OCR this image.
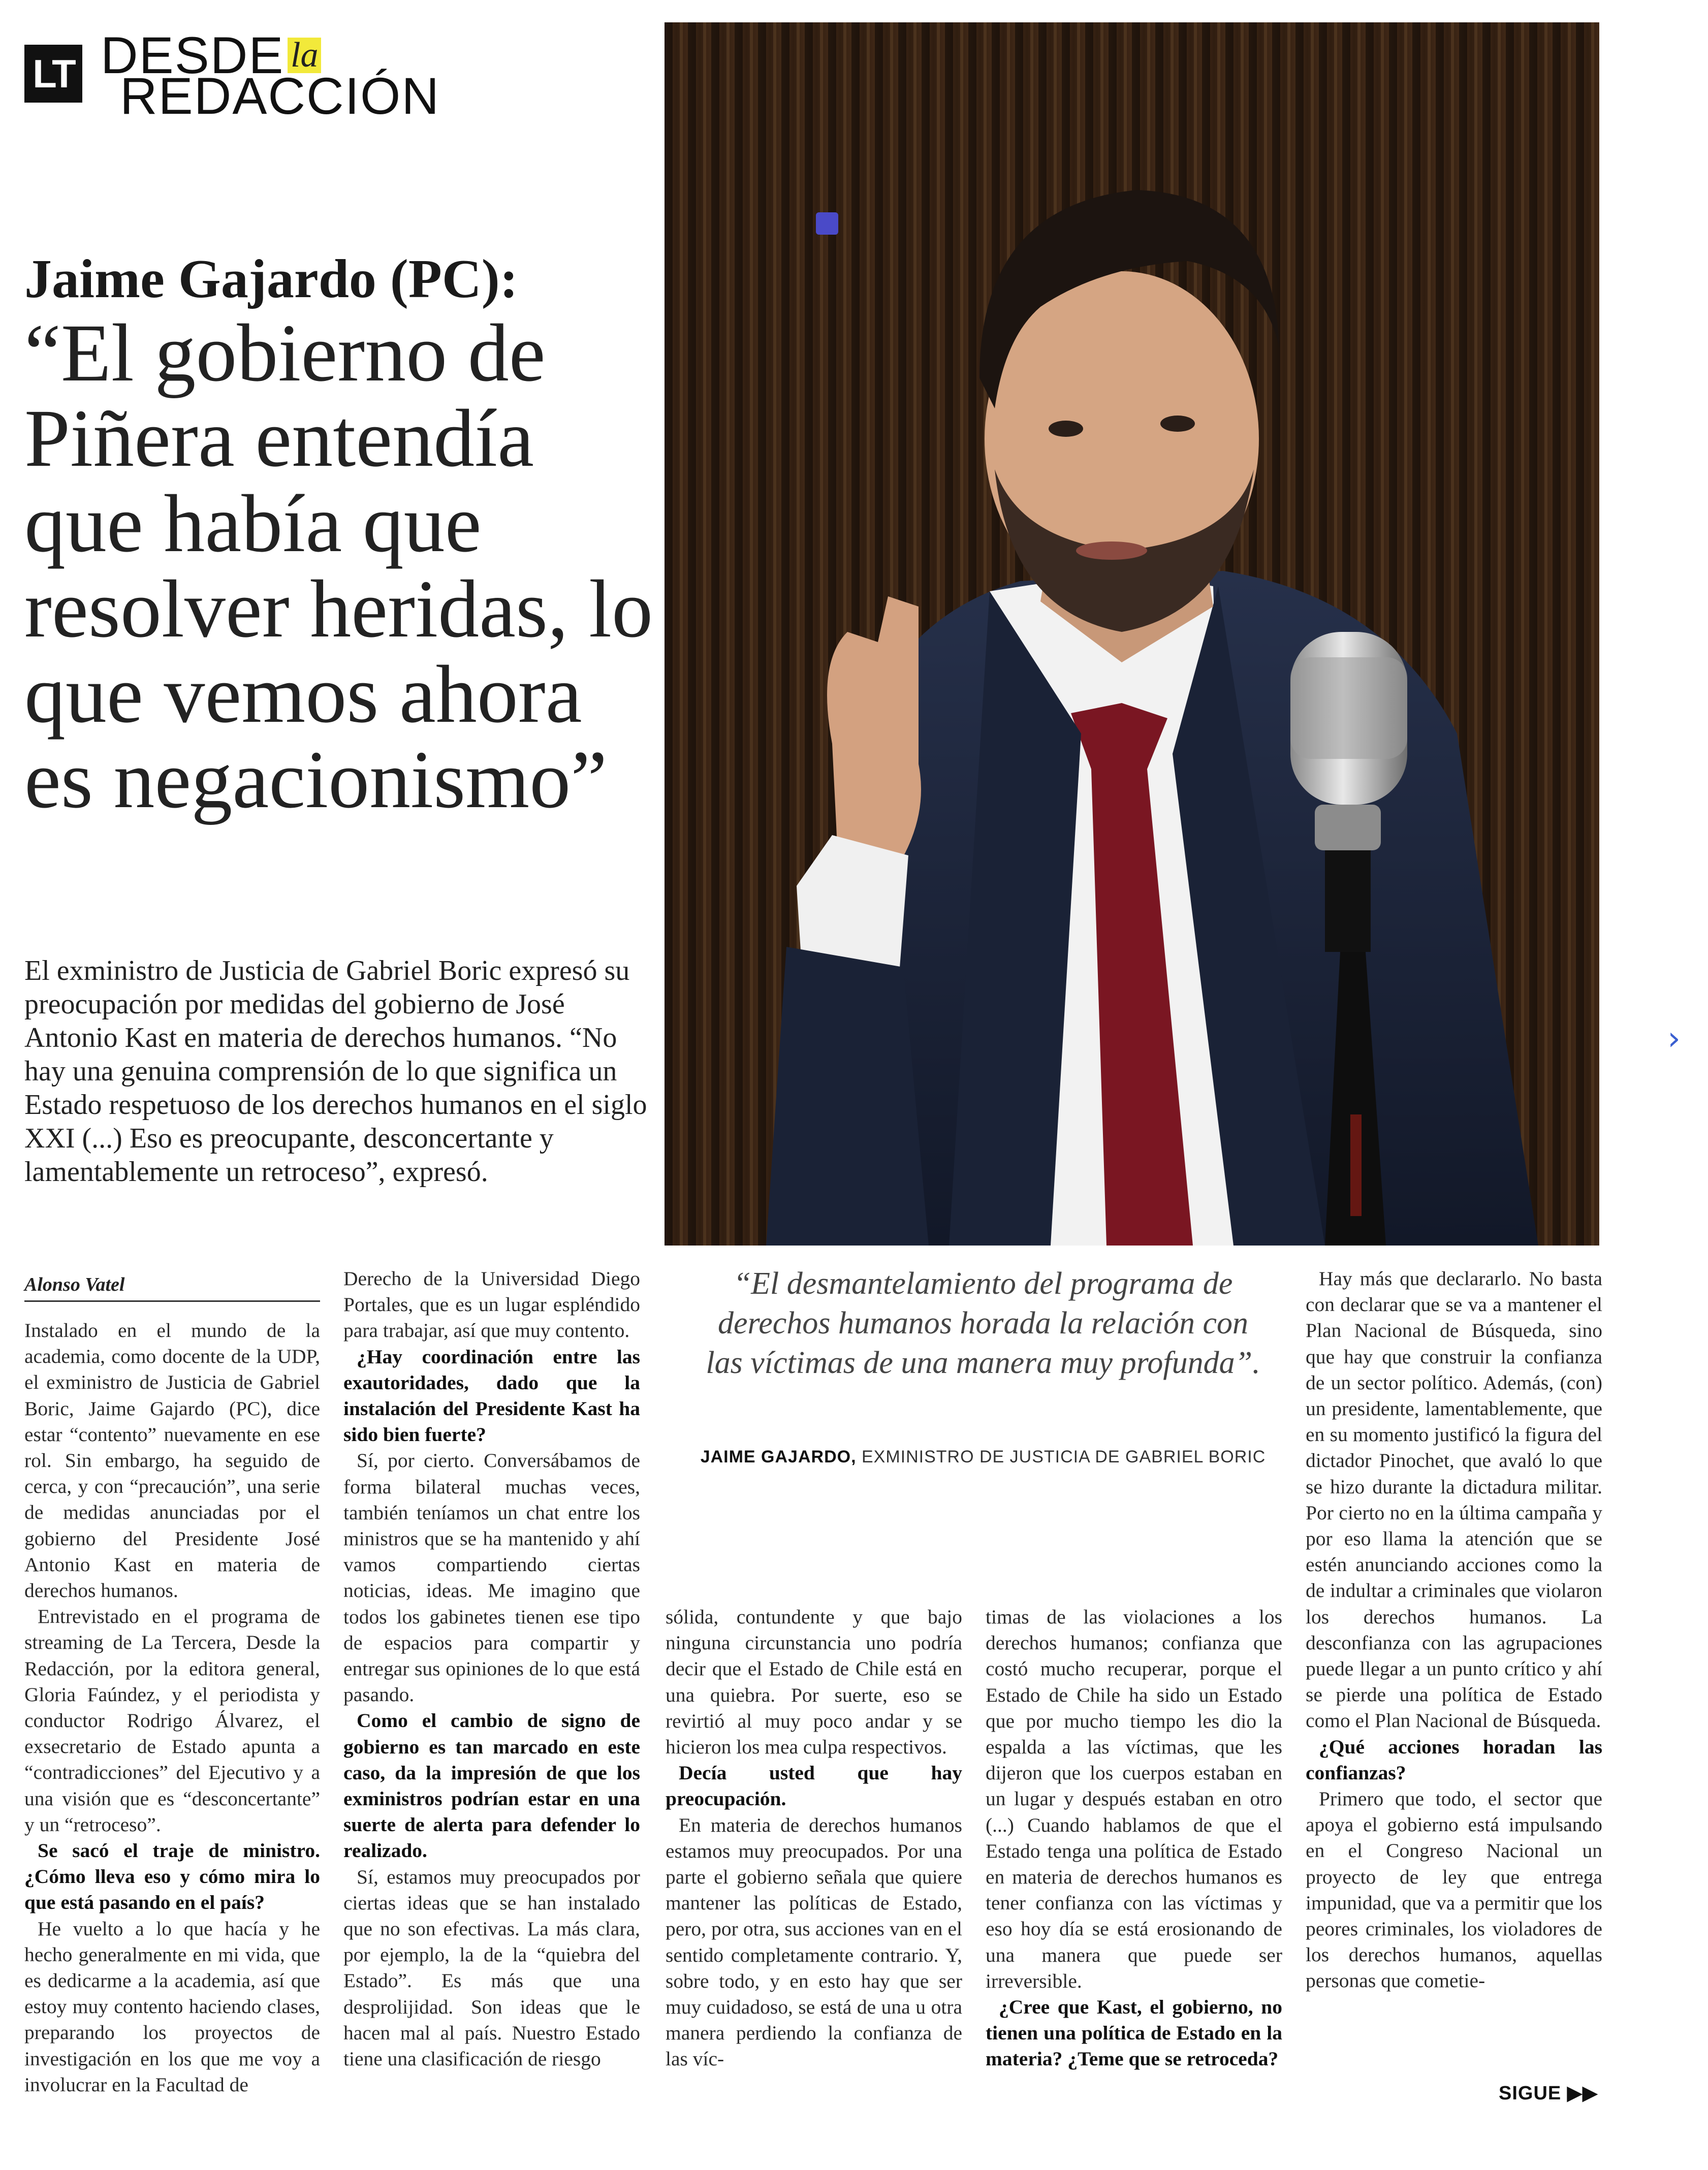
LT DESDE la
REDACCIÓN
Jaime Gajardo (PC):
“El gobierno de Piñera entendía que había que resolver heridas, lo que vemos ahora es negacionismo”
El exministro de Justicia de Gabriel Boric expresó su preocupación por medidas del gobierno de José Antonio Kast en materia de derechos humanos. “No hay una genuina comprensión de lo que significa un Estado respetuoso de los derechos humanos en el siglo XXI (...) Eso es preocupante, desconcertante y lamentablemente un retroceso”, expresó.
›
Alonso Vatel

Instalado en el mundo de la academia, como docente de la UDP, el exministro de Justicia de Gabriel Boric, Jaime Gajardo (PC), dice estar “contento” nuevamente en ese rol. Sin embargo, ha seguido de cerca, y con “precaución”, una serie de medidas anunciadas por el gobierno del Presidente José Antonio Kast en materia de derechos humanos.

Entrevistado en el programa de streaming de La Tercera, Desde la Redacción, por la editora general, Gloria Faúndez, y el periodista y conductor Rodrigo Álvarez, el exsecretario de Estado apunta a “contradicciones” del Ejecutivo y a una visión que es “desconcertante” y un “retroceso”.

Se sacó el traje de ministro. ¿Cómo lleva eso y cómo mira lo que está pasando en el país?

He vuelto a lo que hacía y he hecho generalmente en mi vida, que es dedicarme a la academia, así que estoy muy contento haciendo clases, preparando los proyectos de investigación en los que me voy a involucrar en la Facultad de

Derecho de la Universidad Diego Portales, que es un lugar espléndido para trabajar, así que muy contento.

¿Hay coordinación entre las exautoridades, dado que la instalación del Presidente Kast ha sido bien fuerte?

Sí, por cierto. Conversábamos de forma bilateral muchas veces, también teníamos un chat entre los ministros que se ha mantenido y ahí vamos compartiendo ciertas noticias, ideas. Me imagino que todos los gabinetes tienen ese tipo de espacios para compartir y entregar sus opiniones de lo que está pasando.

Como el cambio de signo de gobierno es tan marcado en este caso, da la impresión de que los exministros podrían estar en una suerte de alerta para defender lo realizado.

Sí, estamos muy preocupados por ciertas ideas que se han instalado que no son efectivas. La más clara, por ejemplo, la de la “quiebra del Estado”. Es más que una desprolijidad. Son ideas que le hacen mal al país. Nuestro Estado tiene una clasificación de riesgo

sólida, contundente y que bajo ninguna circunstancia uno podría decir que el Estado de Chile está en una quiebra. Por suerte, eso se revirtió al muy poco andar y se hicieron los mea culpa respectivos.

Decía usted que hay preocupación.

En materia de derechos humanos estamos muy preocupados. Por una parte el gobierno señala que quiere mantener las políticas de Estado, pero, por otra, sus acciones van en el sentido completamente contrario. Y, sobre todo, y en esto hay que ser muy cuidadoso, se está de una u otra manera perdiendo la confianza de las víc-

timas de las violaciones a los derechos humanos; confianza que costó mucho recuperar, porque el Estado de Chile ha sido un Estado que por mucho tiempo les dio la espalda a las víctimas, que les dijeron que los cuerpos estaban en un lugar y después estaban en otro (...) Cuando hablamos de que el Estado tenga una política de Estado en materia de derechos humanos es tener confianza con las víctimas y eso hoy día se está erosionando de una manera que puede ser irreversible.

¿Cree que Kast, el gobierno, no tienen una política de Estado en la materia? ¿Teme que se retroceda?

Hay más que declararlo. No basta con declarar que se va a mantener el Plan Nacional de Búsqueda, sino que hay que construir la confianza de un sector político. Además, (con) un presidente, lamentablemente, que en su momento justificó la figura del dictador Pinochet, que avaló lo que se hizo durante la dictadura militar. Por cierto no en la última campaña y por eso llama la atención que se estén anunciando acciones como la de indultar a criminales que violaron los derechos humanos. La desconfianza con las agrupaciones puede llegar a un punto crítico y ahí se pierde una política de Estado como el Plan Nacional de Búsqueda.

¿Qué acciones horadan las confianzas?

Primero que todo, el sector que apoya el gobierno está impulsando en el Congreso Nacional un proyecto de ley que entrega impunidad, que va a permitir que los peores criminales, los violadores de los derechos humanos, aquellas personas que cometie-

“El desmantelamiento del programa de derechos humanos horada la relación con las víctimas de una manera muy profunda”.
JAIME GAJARDO, EXMINISTRO DE JUSTICIA DE GABRIEL BORIC
SIGUE ▶▶
